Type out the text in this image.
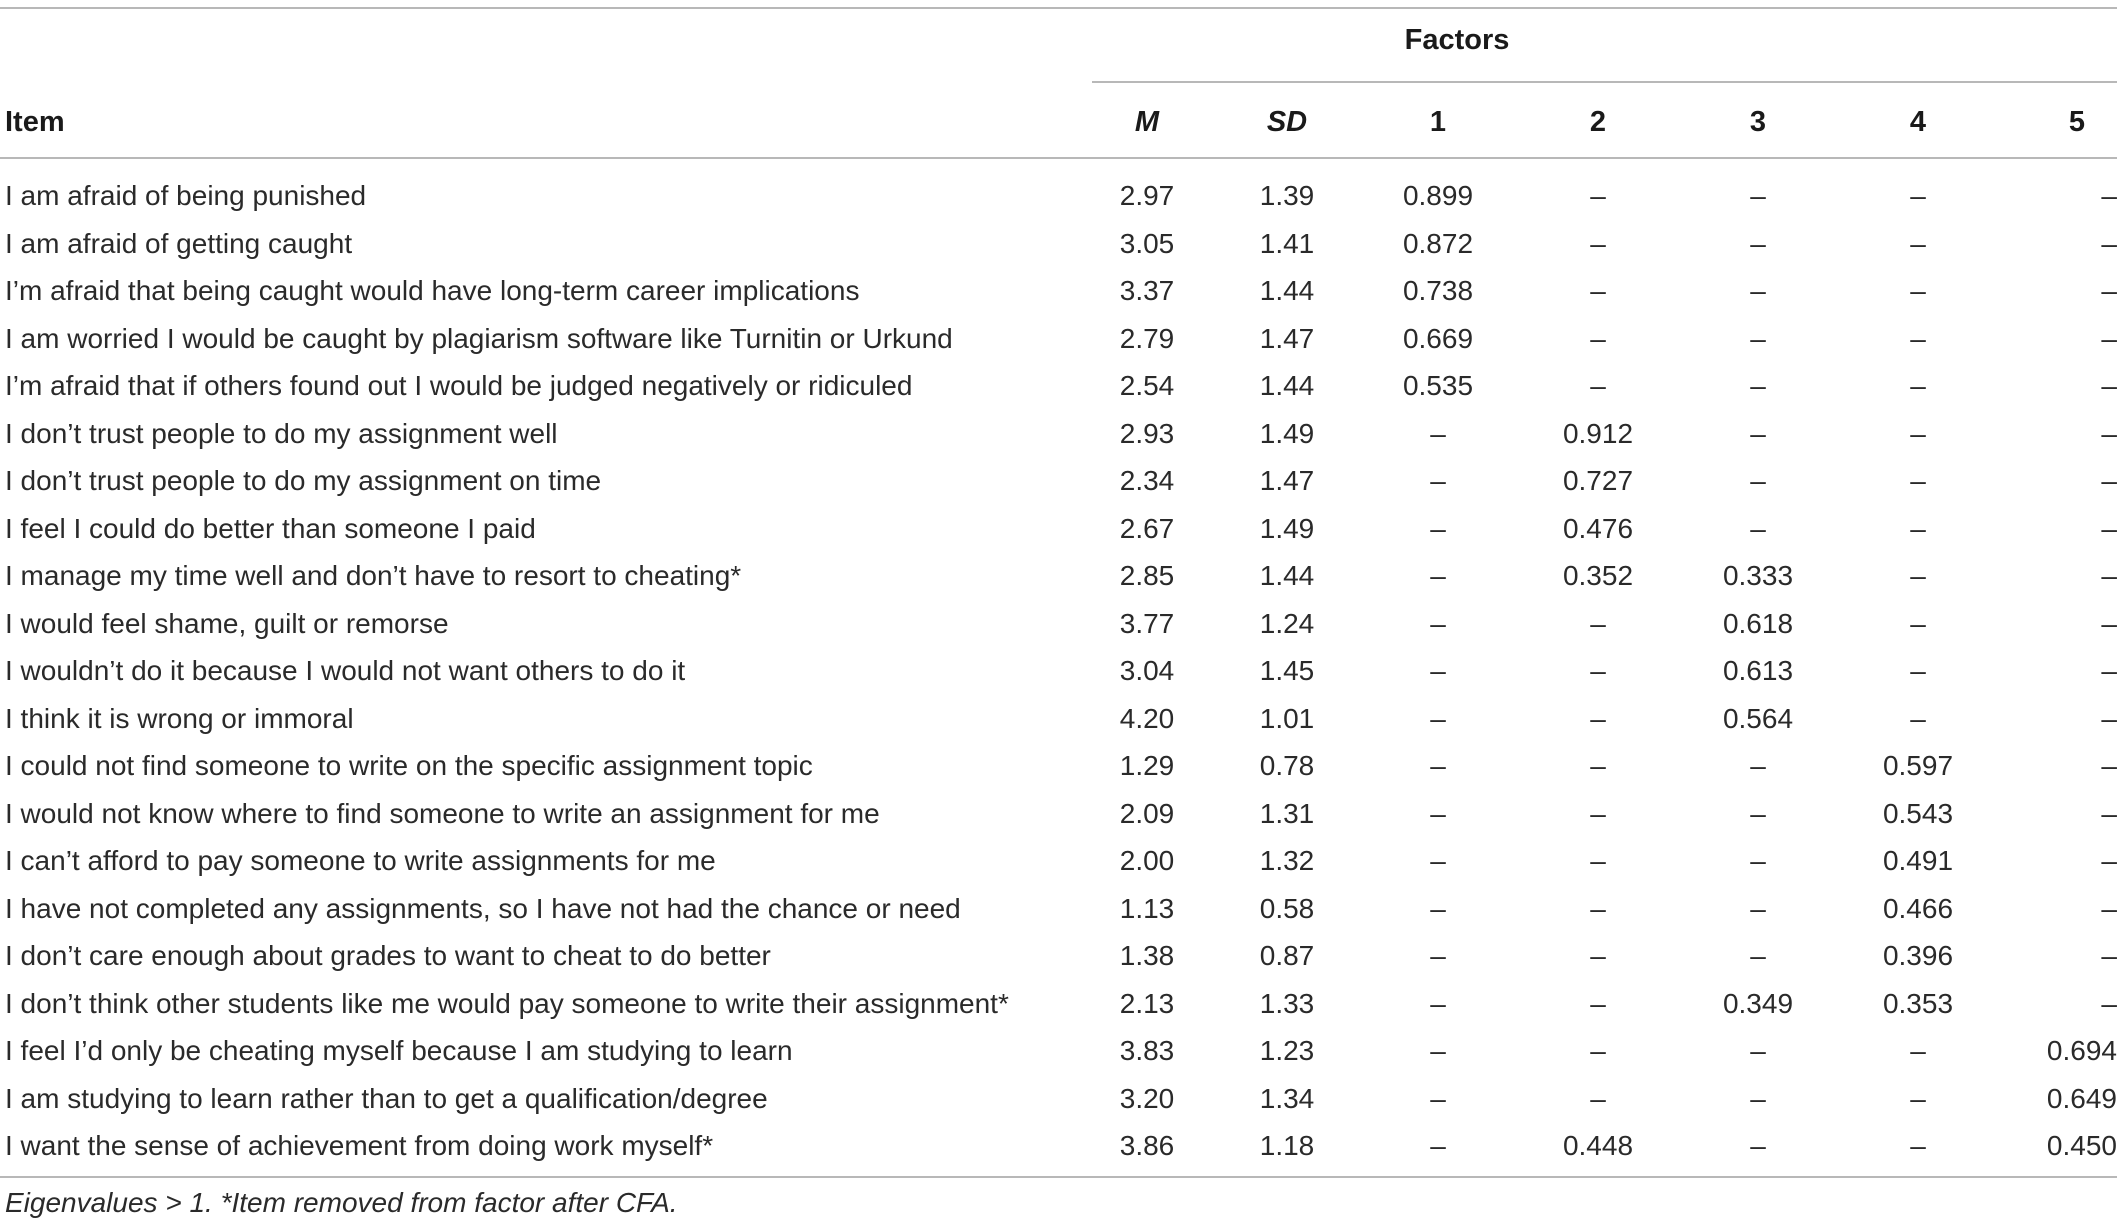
Factors
Item	M	SD	1	2	3	4	5
I am afraid of being punished	2.97	1.39	0.899	–	–	–	–
I am afraid of getting caught	3.05	1.41	0.872	–	–	–	–
I’m afraid that being caught would have long-term career implications	3.37	1.44	0.738	–	–	–	–
I am worried I would be caught by plagiarism software like Turnitin or Urkund	2.79	1.47	0.669	–	–	–	–
I’m afraid that if others found out I would be judged negatively or ridiculed	2.54	1.44	0.535	–	–	–	–
I don’t trust people to do my assignment well	2.93	1.49	–	0.912	–	–	–
I don’t trust people to do my assignment on time	2.34	1.47	–	0.727	–	–	–
I feel I could do better than someone I paid	2.67	1.49	–	0.476	–	–	–
I manage my time well and don’t have to resort to cheating*	2.85	1.44	–	0.352	0.333	–	–
I would feel shame, guilt or remorse	3.77	1.24	–	–	0.618	–	–
I wouldn’t do it because I would not want others to do it	3.04	1.45	–	–	0.613	–	–
I think it is wrong or immoral	4.20	1.01	–	–	0.564	–	–
I could not find someone to write on the specific assignment topic	1.29	0.78	–	–	–	0.597	–
I would not know where to find someone to write an assignment for me	2.09	1.31	–	–	–	0.543	–
I can’t afford to pay someone to write assignments for me	2.00	1.32	–	–	–	0.491	–
I have not completed any assignments, so I have not had the chance or need	1.13	0.58	–	–	–	0.466	–
I don’t care enough about grades to want to cheat to do better	1.38	0.87	–	–	–	0.396	–
I don’t think other students like me would pay someone to write their assignment*	2.13	1.33	–	–	0.349	0.353	–
I feel I’d only be cheating myself because I am studying to learn	3.83	1.23	–	–	–	–	0.694
I am studying to learn rather than to get a qualification/degree	3.20	1.34	–	–	–	–	0.649
I want the sense of achievement from doing work myself*	3.86	1.18	–	0.448	–	–	0.450
Eigenvalues > 1. *Item removed from factor after CFA.
